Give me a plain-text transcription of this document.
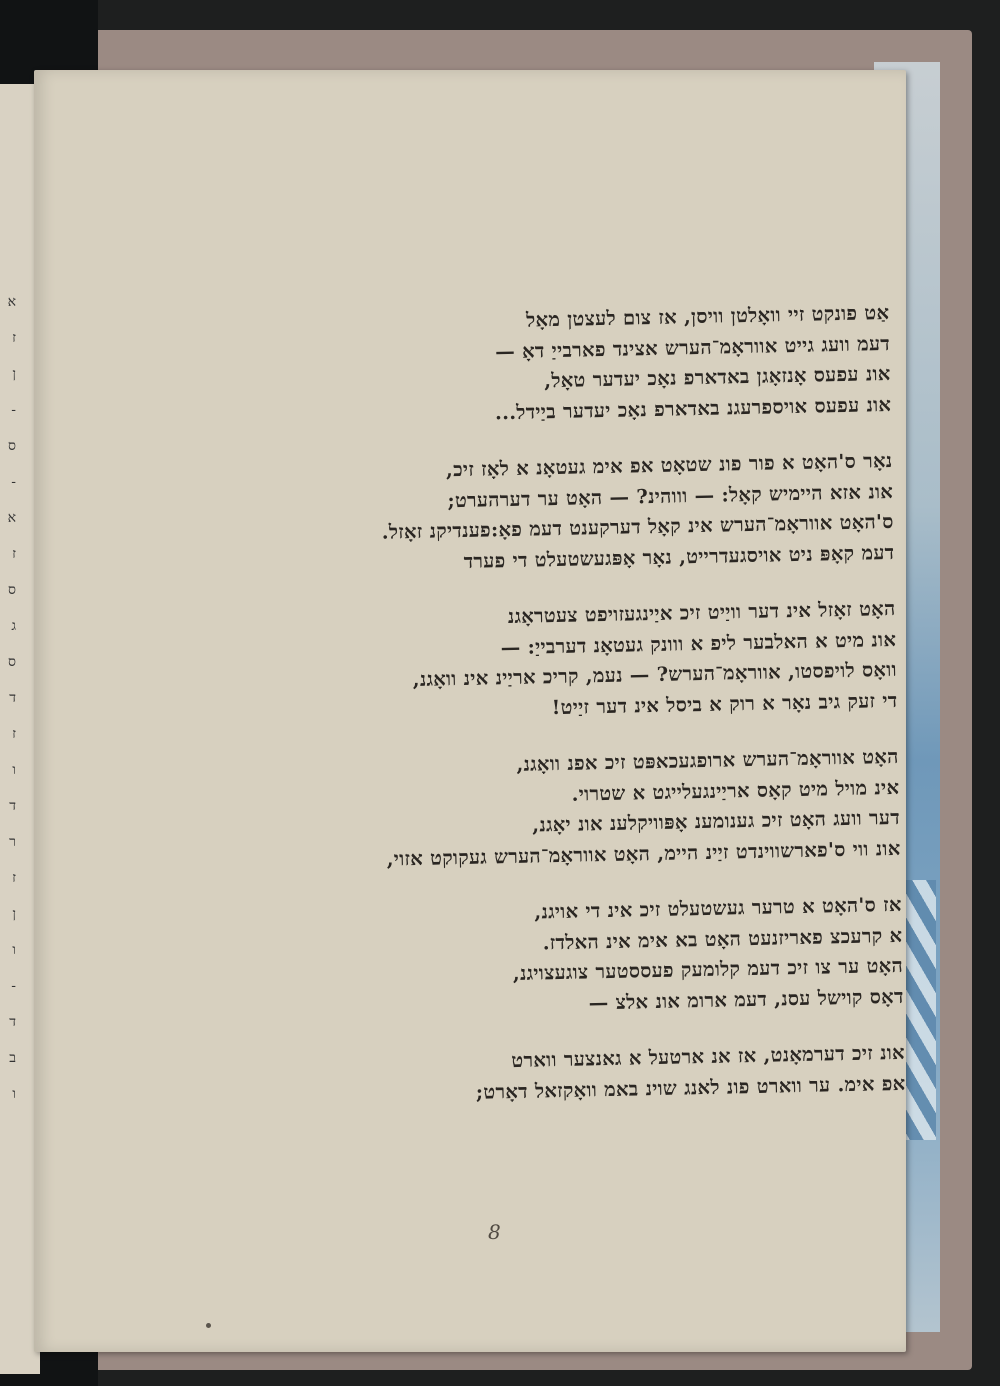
א
ז
ן
-
ס
-
א
ז
ס
ג
ס
ד
ז
ו
ד
ר
ז
ן
ו
-
ד
ב
ו
אַט פונקט זיי וואָלטן וויסן, אז צום לעצטן מאָל
דעמ וועג גייט אווראָמ־הערש אצינד פארבייַ דאָ —
אונ עפעס אָנזאָגן באדארפ נאָכ יעדער טאָל,
אונ עפעס אויספרעגנ באדארפ נאָכ יעדער ביַידל...
נאָר ס'האָט א פור פונ שטאָט אפ אימ געטאָנ א לאָז זיכ,
אונ אזא היימיש קאָל: — וווהינ? — האָט ער דערהערט;
ס'האָט אווראָמ־הערש אינ קאָל דערקענט דעמ פאָ:פענדיקנ זאָזל.
דעמ קאָפּ ניט אויסגעדרייט, נאָר אָפּגעשטעלט די פערד
האָט זאָזל אינ דער וויַיט זיכ איַינגעזויפט צעטראָגנ
אונ מיט א האלבער ליפ א ווונק געטאָנ דערבייַ: —
וואָס לויפסטו, אווראָמ־הערש? — נעמ, קריכ אריַינ אינ וואָגנ,
די זעק גיב נאָר א רוק א ביסל אינ דער זיַיט!
האָט אווראָמ־הערש ארופגעכאפּט זיכ אפנ וואָגנ,
אינ מויל מיט קאָס אריַינגעלייגט א שטרוי.
דער וועג האָט זיכ גענומענ אָפּוויקלענ אונ יאָגנ,
אונ ווי ס'פארשווינדט זיַינ היימ, האָט אווראָמ־הערש געקוקט אזוי,
אז ס'האָט א טרער געשטעלט זיכ אינ די אויגנ,
א קרעכצ פאריזנעט האָט בא אימ אינ האלדז.
האָט ער צו זיכ דעמ קלומעק פעססטער צוגעצויגנ,
דאָס קוישל עסנ, דעמ ארומ אונ אלצ —
אונ זיכ דערמאָנט, אז אנ ארטעל א גאנצער ווארט
אפ אימ. ער ווארט פונ לאנג שוינ באמ וואָקזאל דאָרט;
8
